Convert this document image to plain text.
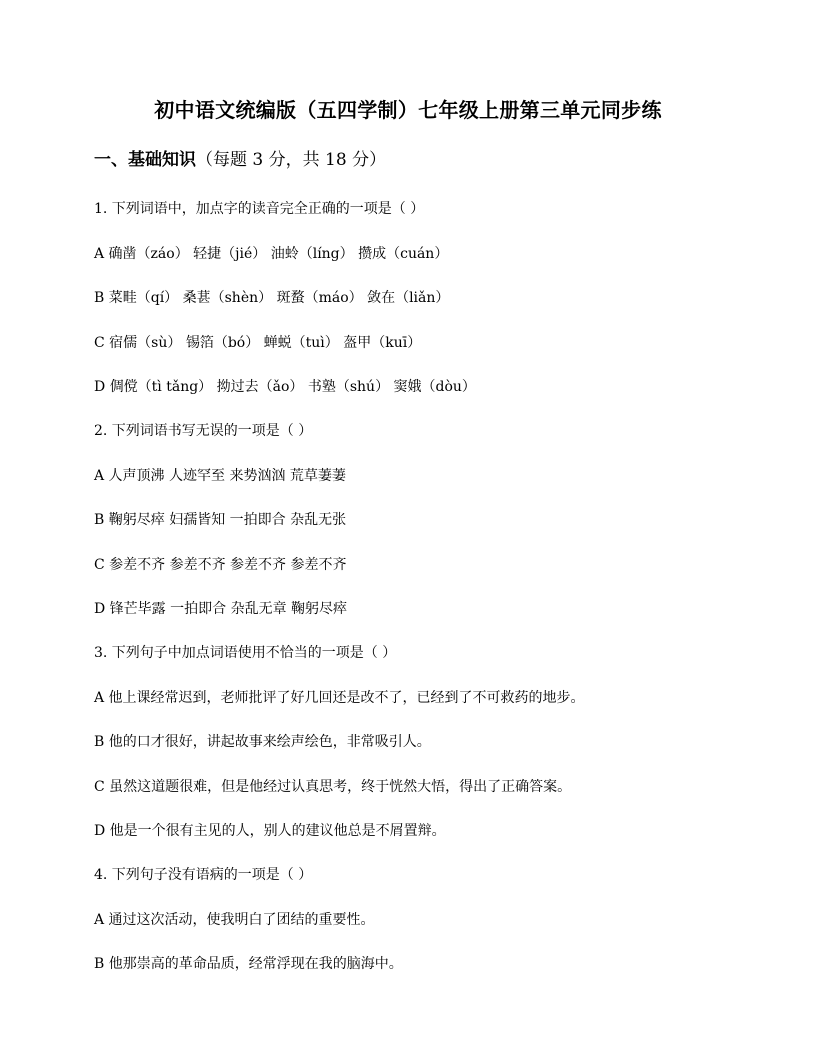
初中语文统编版（五四学制）七年级上册第三单元同步练
一、基础知识（每题 3 分，共 18 分）
1. 下列词语中，加点字的读音完全正确的一项是（ ）
A 确凿（záo） 轻捷（jié） 油蛉（líng） 攒成（cuán）
B 菜畦（qí） 桑葚（shèn） 斑蝥（máo） 敛在（liǎn）
C 宿儒（sù） 锡箔（bó） 蝉蜕（tuì） 盔甲（kuī）
D 倜傥（tì tǎng） 拗过去（ǎo） 书塾（shú） 窦娥（dòu）
2. 下列词语书写无误的一项是（ ）
A 人声顶沸 人迹罕至 来势汹汹 荒草萋萋
B 鞠躬尽瘁 妇孺皆知 一拍即合 杂乱无张
C 参差不齐 参差不齐 参差不齐 参差不齐
D 锋芒毕露 一拍即合 杂乱无章 鞠躬尽瘁
3. 下列句子中加点词语使用不恰当的一项是（ ）
A 他上课经常迟到，老师批评了好几回还是改不了，已经到了不可救药的地步。
B 他的口才很好，讲起故事来绘声绘色，非常吸引人。
C 虽然这道题很难，但是他经过认真思考，终于恍然大悟，得出了正确答案。
D 他是一个很有主见的人，别人的建议他总是不屑置辩。
4. 下列句子没有语病的一项是（ ）
A 通过这次活动，使我明白了团结的重要性。
B 他那崇高的革命品质，经常浮现在我的脑海中。
